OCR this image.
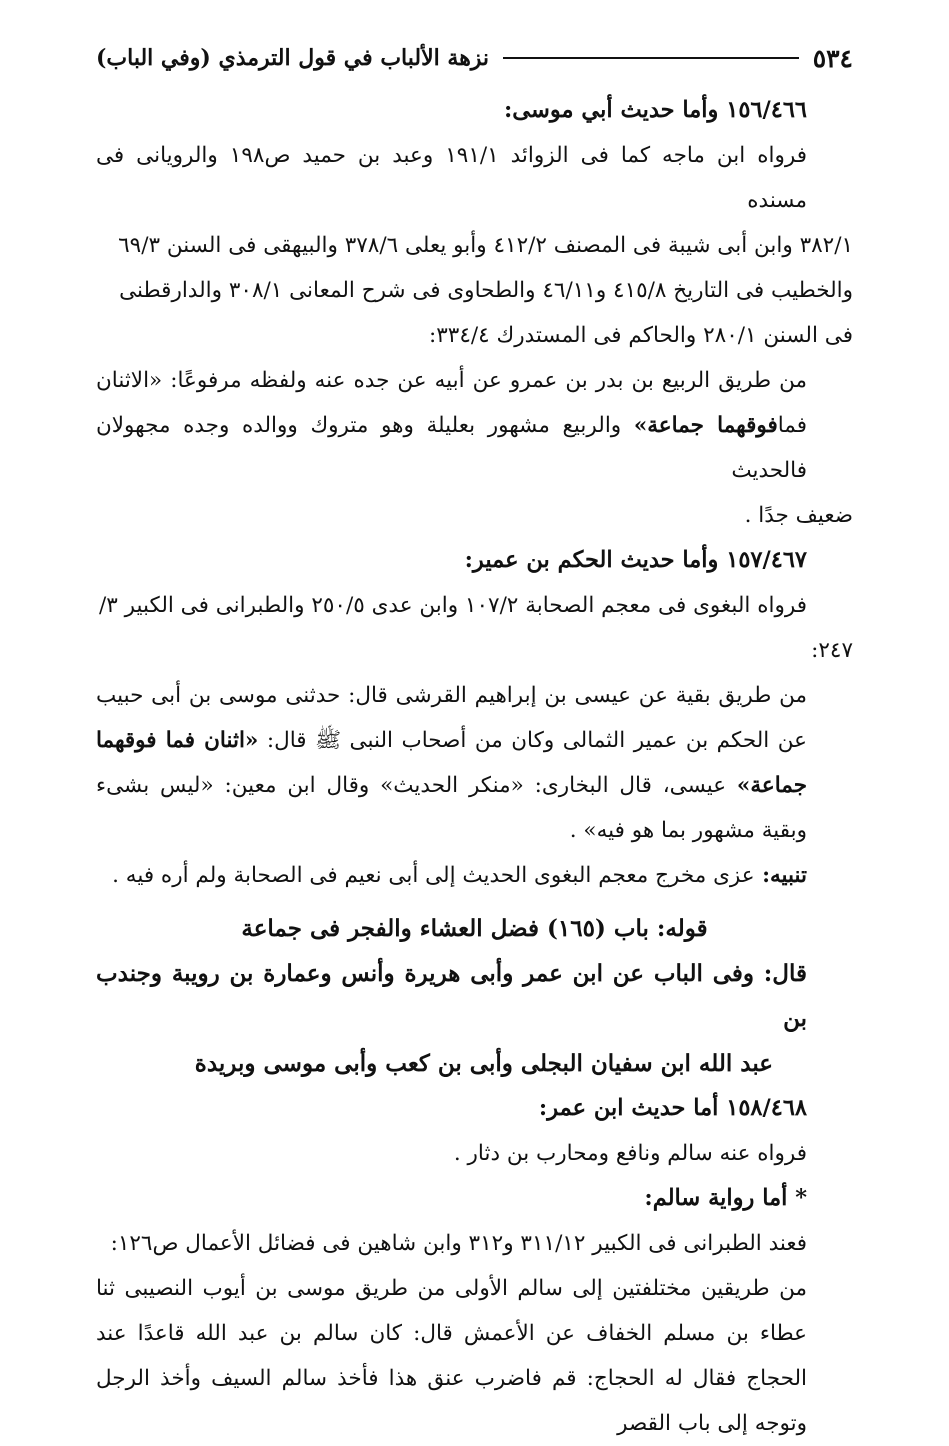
٥٣٤
نزهة الألباب في قول الترمذي (وفي الباب)

١٥٦/٤٦٦ وأما حديث أبي موسى:

فرواه ابن ماجه كما فى الزوائد ١٩١/١ وعبد بن حميد ص١٩٨ والرويانى فى مسنده

٣٨٢/١ وابن أبى شيبة فى المصنف ٤١٢/٢ وأبو يعلى ٣٧٨/٦ والبيهقى فى السنن ٦٩/٣

والخطيب فى التاريخ ٤١٥/٨ و٤٦/١١ والطحاوى فى شرح المعانى ٣٠٨/١ والدارقطنى

فى السنن ٢٨٠/١ والحاكم فى المستدرك ٣٣٤/٤:

من طريق الربيع بن بدر بن عمرو عن أبيه عن جده عنه ولفظه مرفوعًا: «الاثنان فمافوقهما جماعة» والربيع مشهور بعليلة وهو متروك ووالده وجده مجهولان فالحديث

ضعيف جدًا .

١٥٧/٤٦٧ وأما حديث الحكم بن عمير:

فرواه البغوى فى معجم الصحابة ١٠٧/٢ وابن عدى ٢٥٠/٥ والطبرانى فى الكبير ٣/

٢٤٧:

من طريق بقية عن عيسى بن إبراهيم القرشى قال: حدثنى موسى بن أبى حبيب عن الحكم بن عمير الثمالى وكان من أصحاب النبى ﷺ قال: «اثنان فما فوقهما جماعة» عيسى، قال البخارى: «منكر الحديث» وقال ابن معين: «ليس بشىء وبقية مشهور بما هو فيه» .

تنبيه: عزى مخرج معجم البغوى الحديث إلى أبى نعيم فى الصحابة ولم أره فيه .

قوله: باب (١٦٥) فضل العشاء والفجر فى جماعة

قال: وفى الباب عن ابن عمر وأبى هريرة وأنس وعمارة بن رويبة وجندب بن

عبد الله ابن سفيان البجلى وأبى بن كعب وأبى موسى وبريدة

١٥٨/٤٦٨ أما حديث ابن عمر:

فرواه عنه سالم ونافع ومحارب بن دثار .

* أما رواية سالم:

فعند الطبرانى فى الكبير ٣١١/١٢ و٣١٢ وابن شاهين فى فضائل الأعمال ص١٢٦:

من طريقين مختلفتين إلى سالم الأولى من طريق موسى بن أيوب النصيبى ثنا عطاء بن مسلم الخفاف عن الأعمش قال: كان سالم بن عبد الله قاعدًا عند الحجاج فقال له الحجاج: قم فاضرب عنق هذا فأخذ سالم السيف وأخذ الرجل وتوجه إلى باب القصر
